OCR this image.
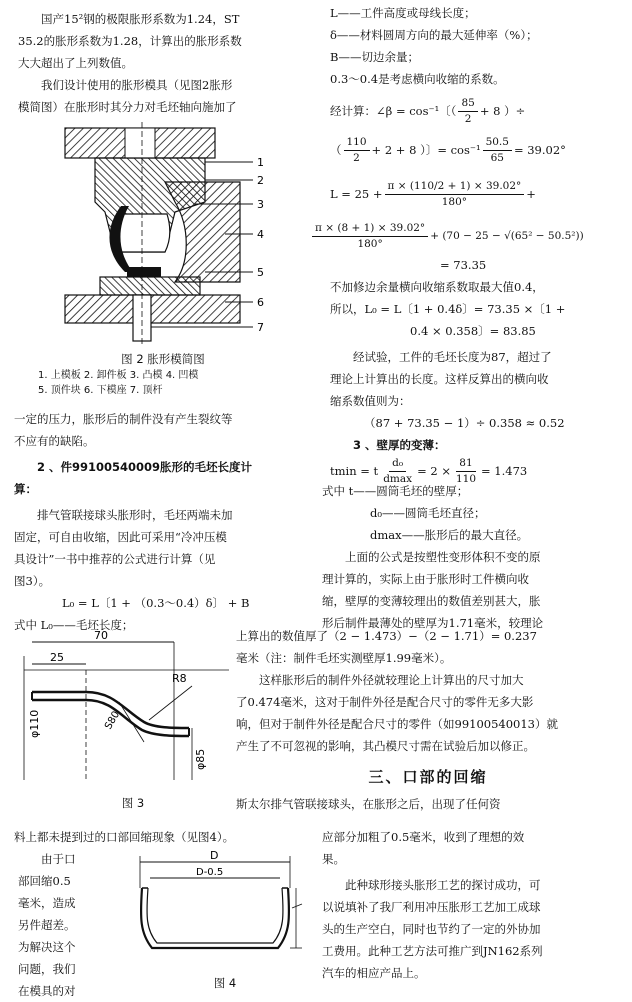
国产15²钢的极限胀形系数为1.24，ST

35.2的胀形系数为1.28，计算出的胀形系数

大大超出了上列数值。

我们设计使用的胀形模具（见图2胀形

模简图）在胀形时其分力对毛坯轴向施加了

1
2
3
4
5
6
7

图 2 胀形模简图

1. 上模板 2. 卸件板 3. 凸模 4. 凹模

5. 顶件块 6. 下模座 7. 顶杆

一定的压力，胀形后的制件没有产生裂纹等

不应有的缺陷。

2 、件99100540009胀形的毛坯长度计

算：

排气管联接球头胀形时，毛坯两端未加

固定，可自由收缩，因此可采用“冷冲压模

具设计”一书中推荐的公式进行计算（见

图3）。

L₀ = L〔1 + （0.3～0.4）δ〕 + B

式中 L₀——毛坯长度；

70
25
R8
S80
φ110
φ85

图 3

L——工件高度或母线长度；

δ——材料圆周方向的最大延伸率（%）；

B——切边余量；

0.3～0.4是考虑横向收缩的系数。

经计算： ∠β = cos⁻¹〔（ $\frac{85}{2} + 8$ ）÷
（ $\frac{110}{2} + 2 + 8$ ）〕= $\cos^{-1} \frac{50.5}{65} = 39.02^\circ$
$L = 25 + \frac{\pi \times (110/2 + 1) \times 39.02^\circ}{180^\circ}$ +
$\frac{\pi \times (8 + 1) \times 39.02^\circ}{180^\circ} + (70 - 25 - √(65^2 - 50.5^2))$

= 73.35

不加修边余量横向收缩系数取最大值0.4，

所以，L₀ = L〔1 + 0.4δ〕= 73.35 ×〔1 +

0.4 × 0.358〕= 83.85

经试验，工件的毛坯长度为87，超过了

理论上计算出的长度。这样反算出的横向收

缩系数值则为：

（87 + 73.35 − 1）÷ 0.358 ≈ 0.52

3 、壁厚的变薄：

tmin = t $\frac{\text{d₀}}{dmax} = 2 \times \frac{81}{110} = 1.473$

式中 t——圆筒毛坯的壁厚；

d₀——圆筒毛坯直径；

dmax——胀形后的最大直径。

上面的公式是按塑性变形体积不变的原

理计算的，实际上由于胀形时工件横向收

缩，壁厚的变薄较理出的数值差别甚大，胀

形后制件最薄处的壁厚为1.71毫米，较理论

上算出的数值厚了（2 − 1.473）−（2 − 1.71）= 0.237

毫米（注：制件毛坯实测壁厚1.99毫米）。

这样胀形后的制件外径就较理论上计算出的尺寸加大

了0.474毫米，这对于制件外径是配合尺寸的零件无多大影

响，但对于制件外径是配合尺寸的零件（如99100540013）就

产生了不可忽视的影响，其凸模尺寸需在试验后加以修正。

三、口部的回缩

斯太尔排气管联接球头，在胀形之后，出现了任何资

料上都未提到过的口部回缩现象（见图4）。

由于口

部回缩0.5

毫米，造成

另件超差。

为解决这个

问题，我们

在模具的对

D
D-0.5

图 4

应部分加粗了0.5毫米，收到了理想的效

果。

此种球形接头胀形工艺的探讨成功，可

以说填补了我厂利用冲压胀形工艺加工成球

头的生产空白，同时也节约了一定的外协加

工费用。此种工艺方法可推广到JN162系列

汽车的相应产品上。
